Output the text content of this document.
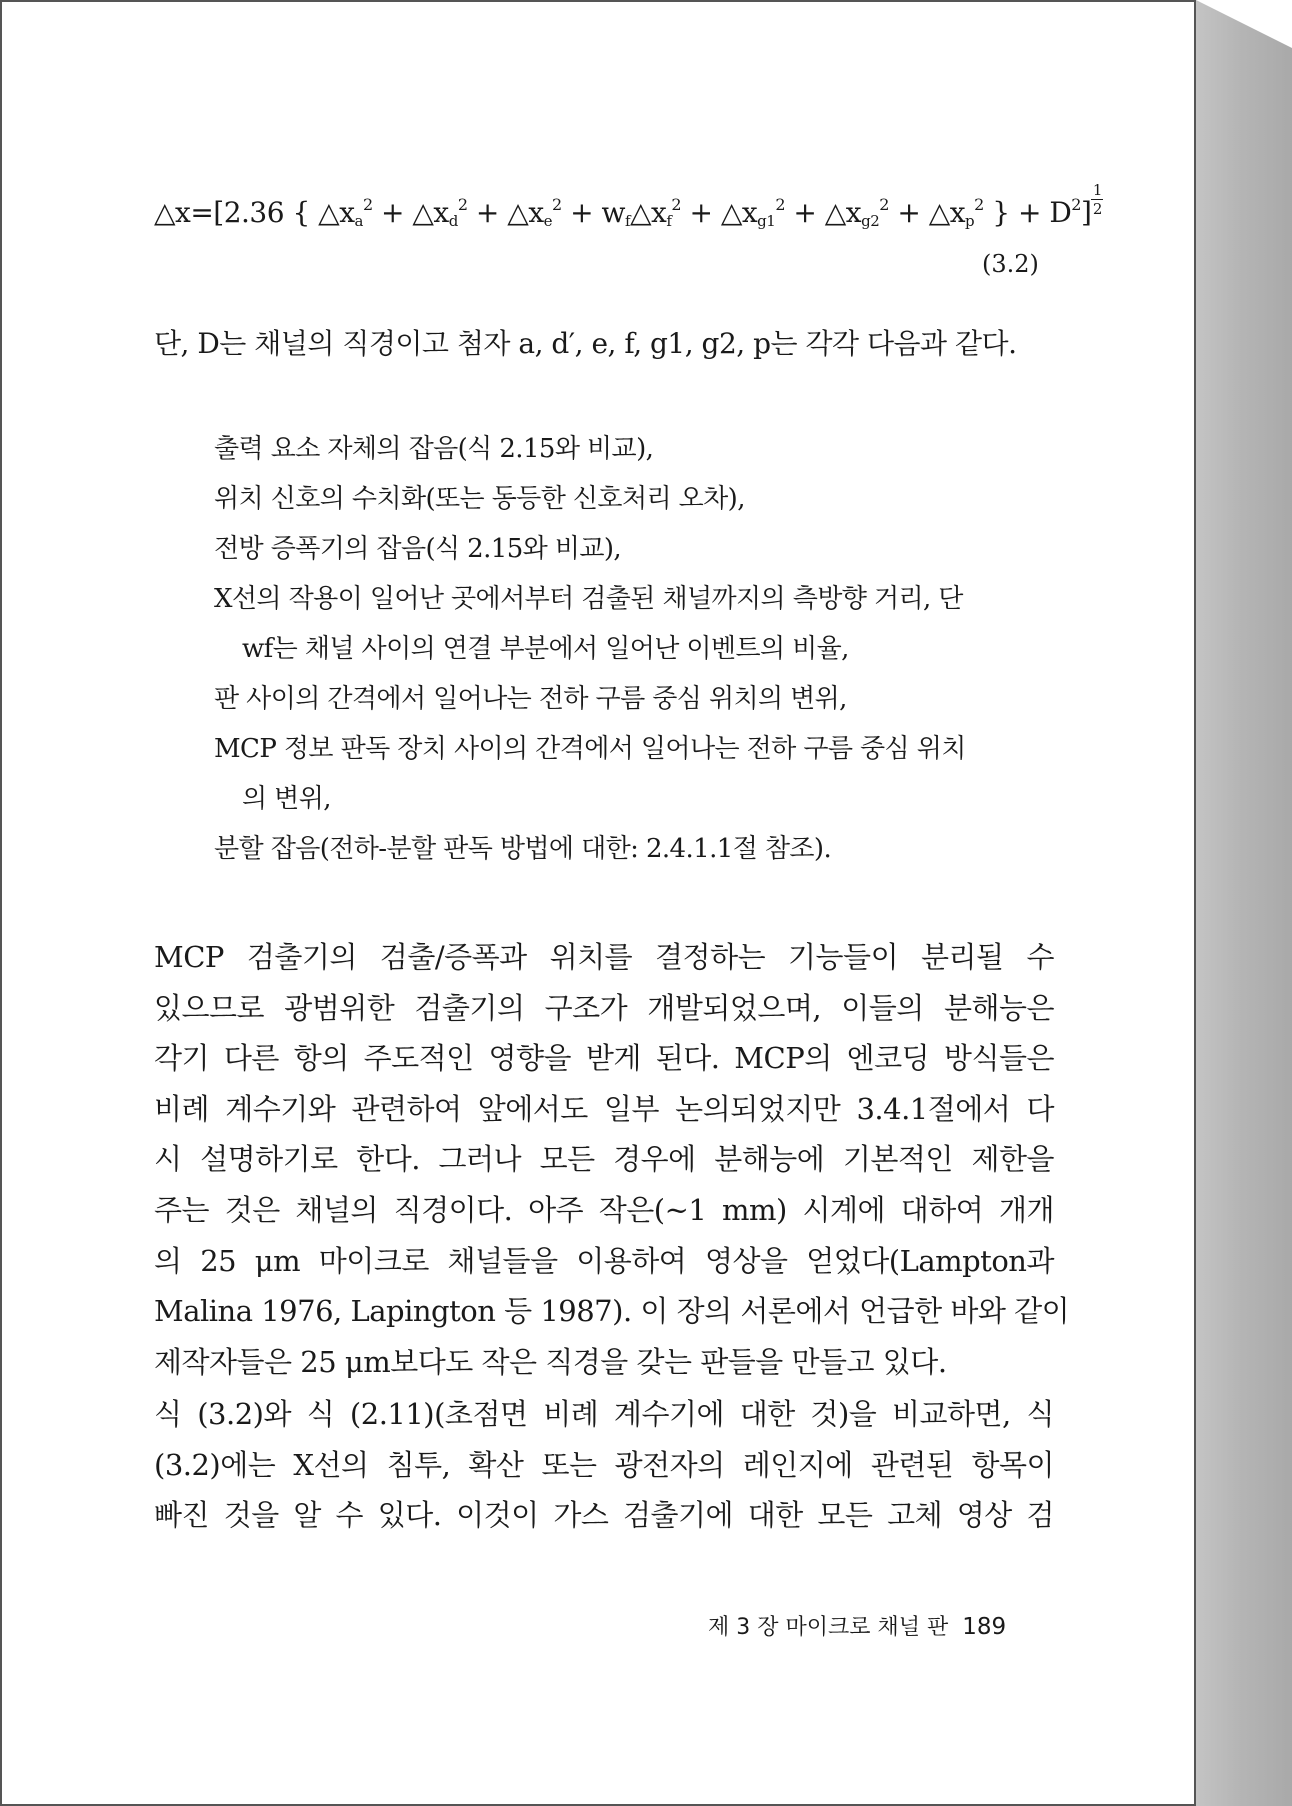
△x=[2.36 { $\triangle x_a^2$ + $\triangle x_d^2$ + $\triangle x_e^2$ + $w_f\triangle x_f^2$ + $\triangle x_{g1}^2$ + $\triangle x_{g2}^2$ + $\triangle x_p^2$ } + $D^2] \frac{1}{2}$
(3.2)
단, D는 채널의 직경이고 첨자 a, d′, e, f, g1, g2, p는 각각 다음과 같다.
출력 요소 자체의 잡음(식 2.15와 비교),
위치 신호의 수치화(또는 동등한 신호처리 오차),
전방 증폭기의 잡음(식 2.15와 비교),
X선의 작용이 일어난 곳에서부터 검출된 채널까지의 측방향 거리, 단
wf는 채널 사이의 연결 부분에서 일어난 이벤트의 비율,
판 사이의 간격에서 일어나는 전하 구름 중심 위치의 변위,
MCP 정보 판독 장치 사이의 간격에서 일어나는 전하 구름 중심 위치
의 변위,
분할 잡음(전하-분할 판독 방법에 대한: 2.4.1.1절 참조).
MCP 검출기의 검출/증폭과 위치를 결정하는 기능들이 분리될 수
있으므로 광범위한 검출기의 구조가 개발되었으며, 이들의 분해능은
각기 다른 항의 주도적인 영향을 받게 된다. MCP의 엔코딩 방식들은
비례 계수기와 관련하여 앞에서도 일부 논의되었지만 3.4.1절에서 다
시 설명하기로 한다. 그러나 모든 경우에 분해능에 기본적인 제한을
주는 것은 채널의 직경이다. 아주 작은(~1 mm) 시계에 대하여 개개
의 25 μm 마이크로 채널들을 이용하여 영상을 얻었다(Lampton과
Malina 1976, Lapington 등 1987). 이 장의 서론에서 언급한 바와 같이
제작자들은 25 μm보다도 작은 직경을 갖는 판들을 만들고 있다.
식 (3.2)와 식 (2.11)(초점면 비례 계수기에 대한 것)을 비교하면, 식
(3.2)에는 X선의 침투, 확산 또는 광전자의 레인지에 관련된 항목이
빠진 것을 알 수 있다. 이것이 가스 검출기에 대한 모든 고체 영상 검
제 3 장 마이크로 채널 판 189
